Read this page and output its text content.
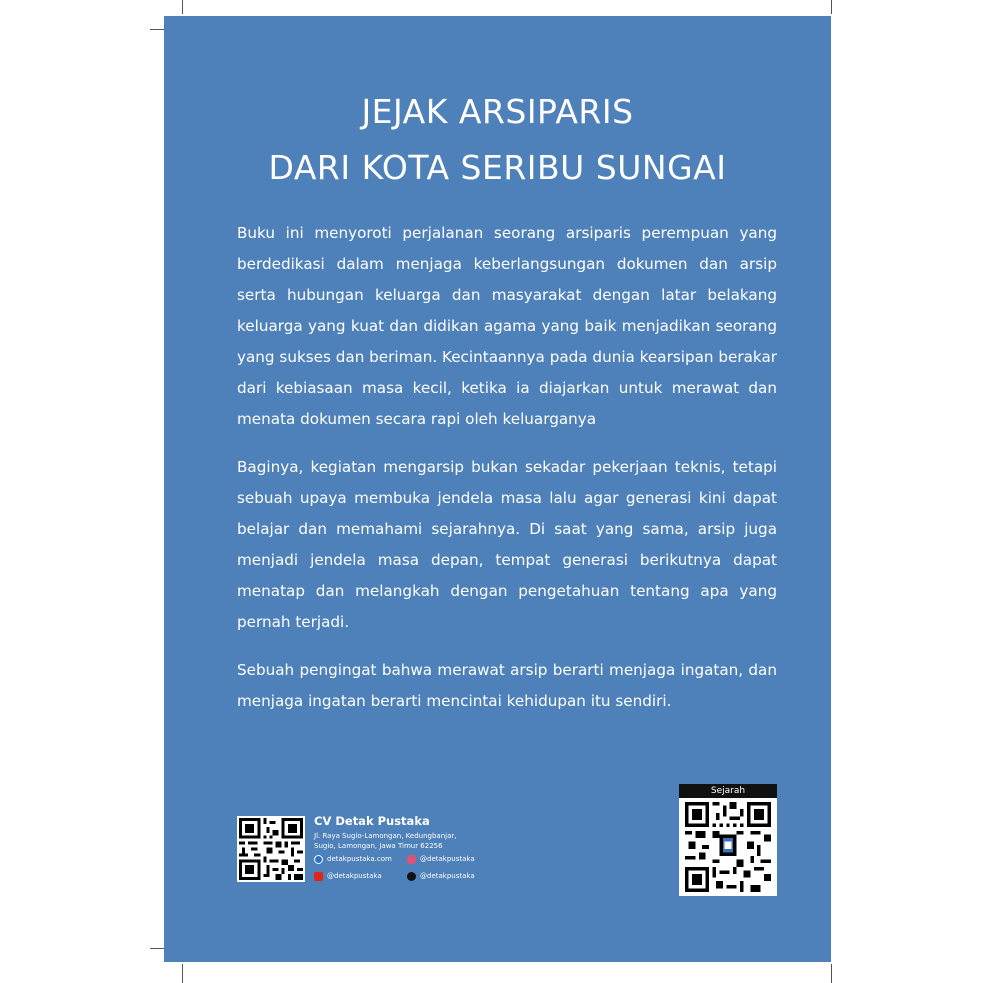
JEJAK ARSIPARIS
DARI KOTA SERIBU SUNGAI

Buku ini menyoroti perjalanan seorang arsiparis perempuan yang berdedikasi dalam menjaga keberlangsungan dokumen dan arsip serta hubungan keluarga dan masyarakat dengan latar belakang keluarga yang kuat dan didikan agama yang baik menjadikan seorang yang sukses dan beriman. Kecintaannya pada dunia kearsipan berakar dari kebiasaan masa kecil, ketika ia diajarkan untuk merawat dan menata dokumen secara rapi oleh keluarganya

Baginya, kegiatan mengarsip bukan sekadar pekerjaan teknis, tetapi sebuah upaya membuka jendela masa lalu agar generasi kini dapat belajar dan memahami sejarahnya. Di saat yang sama, arsip juga menjadi jendela masa depan, tempat generasi berikutnya dapat menatap dan melangkah dengan pengetahuan tentang apa yang pernah terjadi.

Sebuah pengingat bahwa merawat arsip berarti menjaga ingatan, dan menjaga ingatan berarti mencintai kehidupan itu sendiri.

CV Detak Pustaka

Jl. Raya Sugio-Lamongan, Kedungbanjar,
Sugio, Lamongan, Jawa Timur 62256

detakpustaka.com	@detakpustaka
@detakpustaka	@detakpustaka
Sejarah
